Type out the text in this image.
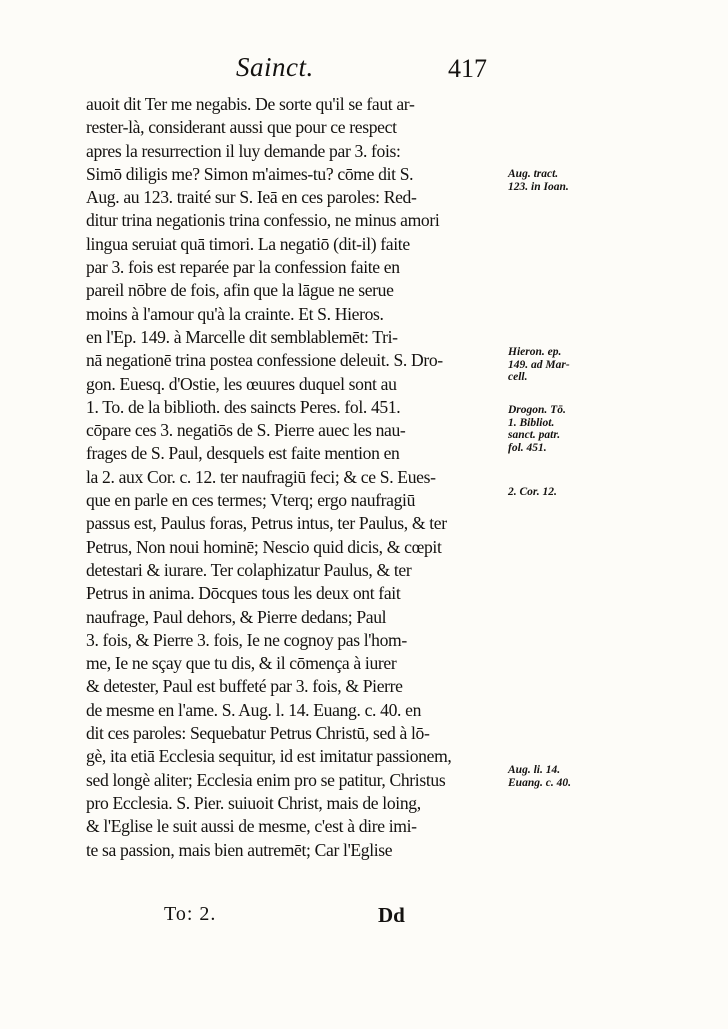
Sainct.	417
auoit dit Ter me negabis. De sorte qu'il se faut ar-
rester-là, considerant aussi que pour ce respect
apres la resurrection il luy demande par 3. fois:
Simō diligis me? Simon m'aimes-tu? cōme dit S.
Aug. au 123. traité sur S. Ieā en ces paroles: Red-
ditur trina negationis trina confessio, ne minus amori
lingua seruiat quā timori. La negatiō (dit-il) faite
par 3. fois est reparée par la confession faite en
pareil nōbre de fois, afin que la lāgue ne serue
moins à l'amour qu'à la crainte. Et S. Hieros.
en l'Ep. 149. à Marcelle dit semblablemēt: Tri-
nā negationē trina postea confessione deleuit. S. Dro-
gon. Euesq. d'Ostie, les œuures duquel sont au
1. To. de la biblioth. des saincts Peres. fol. 451.
cōpare ces 3. negatiōs de S. Pierre auec les nau-
frages de S. Paul, desquels est faite mention en
la 2. aux Cor. c. 12. ter naufragiū feci; & ce S. Eues-
que en parle en ces termes; Vterq; ergo naufragiū
passus est, Paulus foras, Petrus intus, ter Paulus, & ter
Petrus, Non noui hominē; Nescio quid dicis, & cœpit
detestari & iurare. Ter colaphizatur Paulus, & ter
Petrus in anima. Dōcques tous les deux ont fait
naufrage, Paul dehors, & Pierre dedans; Paul
3. fois, & Pierre 3. fois, Ie ne cognoy pas l'hom-
me, Ie ne sçay que tu dis, & il cōmença à iurer
& detester, Paul est buffeté par 3. fois, & Pierre
de mesme en l'ame. S. Aug. l. 14. Euang. c. 40. en
dit ces paroles: Sequebatur Petrus Christū, sed à lō-
gè, ita etiā Ecclesia sequitur, id est imitatur passionem,
sed longè aliter; Ecclesia enim pro se patitur, Christus
pro Ecclesia. S. Pier. suiuoit Christ, mais de loing,
& l'Eglise le suit aussi de mesme, c'est à dire imi-
te sa passion, mais bien autremēt; Car l'Eglise
Aug. tract.
123. in Ioan.
Hieron. ep.
149. ad Mar-
cell.
Drogon. Tō.
1. Bibliot.
sanct. patr.
fol. 451.
2. Cor. 12.
Aug. li. 14.
Euang. c. 40.
To: 2.	Dd
